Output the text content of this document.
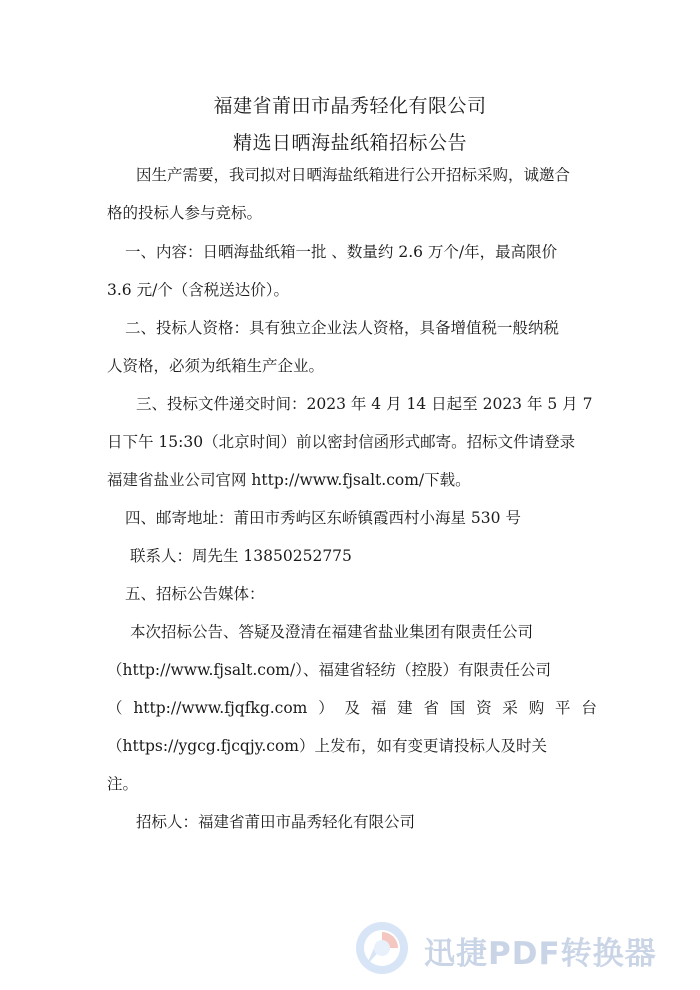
福建省莆田市晶秀轻化有限公司
精选日晒海盐纸箱招标公告
因生产需要，我司拟对日晒海盐纸箱进行公开招标采购，诚邀合
格的投标人参与竞标。
一、内容：日晒海盐纸箱一批 、数量约 2.6 万个/年，最高限价
3.6 元/个（含税送达价）。
二、投标人资格：具有独立企业法人资格，具备增值税一般纳税
人资格，必须为纸箱生产企业。
三、投标文件递交时间：2023 年 4 月 14 日起至 2023 年 5 月 7
日下午 15:30（北京时间）前以密封信函形式邮寄。招标文件请登录
福建省盐业公司官网 http://www.fjsalt.com/下载。
四、邮寄地址：莆田市秀屿区东峤镇霞西村小海星 530 号
联系人：周先生 13850252775
五、招标公告媒体：
本次招标公告、答疑及澄清在福建省盐业集团有限责任公司
（http://www.fjsalt.com/）、福建省轻纺（控股）有限责任公司
（ http://www.fjqfkg.com ） 及 福 建 省 国 资 采 购 平 台
（https://ygcg.fjcqjy.com）上发布，如有变更请投标人及时关
注。
招标人：福建省莆田市晶秀轻化有限公司
迅捷PDF转换器
